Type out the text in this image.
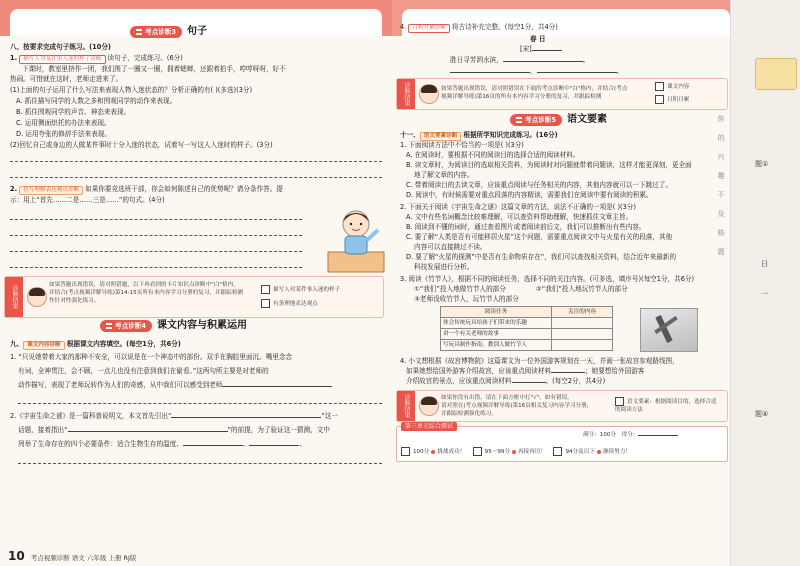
考点诊断3 句子
八、按要求完成句子练习。(10分)
1. 描写人对某件事入迷的样子诊断 读句子，完成练习。(6分)
下课时，教室里挤作一团，我们围了一圈又一圈，拥着蟋蟀，还跟着拍手，哼哼呀呀，好不
热闹。可惜就在这时，老师走进来了。
(1)上面的句子运用了什么写法来表现人物入迷状态的？分析正确的有( )(多选)(3分)
A. 抓住描写同学的人数之多和围观同学的动作来表现。
B. 抓住围观同学的声音、神态来表现。
C. 运用侧面烘托的办法来表现。
D. 运用夸张的修辞手法来表现。
(2)回忆自己或身边的人做某件事时十分入迷的状态，试着写一写这人入迷时的样子。(3分)
2. 仿写理解表达观点诊断 如果你要竞选班干部，你会如何陈述自己的优势呢？请分条作答。提
示：用上“首先……二是……三是……”的句式。(4分)
诊断结果	如果答题出现错误，请对照错题，以下再看到的卡片知识点诊断中"白"格内，
并结合(考点视频详解导练)第14-15页所有本内容学习分册的复习，并跟踪检测
作针对性强化练习。
描写人对某件事入迷的样子
有条理地表达观点
考点诊断4 课文内容与积累运用
九、 课文内容诊断 根据课文内容填空。(每空1分，共6分)
1. “只见她带着大家的那种不安全，可以说是在一个神态中的部份。双手在胸腔里面沉。嘴里念念
有词，全神贯注，会不顾，一点儿也没有注意到我们在偷看。”这两句所主要是对老师的
动作描写，表现了老师玩转作为人们的奇感，从中我们可以感受到老师
2.《宇宙生命之谜》是一篇科普说明文，本文首先引出“	”这一
话题，接着指出“	”的前提，为了验证这一猜测，文中
列举了生命存在的四个必要条件：适合生物生存的温度、	、	、
10 考点视频诊断 语文 六年级 上册 RJ版
4. 日积月累诊断 将古诗补充完整。(每空1分，共4分)
春 日
[宋]
胜日寻芳泗水滨，	。
，	。
诊断结果	如果答题出现错误，请对照错误在下面的考点诊断中"白"格内，并结合(考点
视频详解导练)第16页的所有本内容学习分册的复习，并跟踪检测
课文内容
日积月累
考点诊断5 语文要素
十一、 语文要素诊断 根据所学知识完成练习。(16分)
1. 下面阅读方法中不恰当的一项是( )(3分)
A. 在阅读时，要根据不同的阅读目的选择合适的阅读材料。
B. 读文章时，为阅读目的选取相关资料，为阅读时对问题就带着问题读，这样才能更深刻，更全面
地了解文章的内容。
C. 带着阅读目的去读文章，应该重点阅读与任务相关的内容，其他内容就可以一下跳过了。
D. 阅读中，有时候需要对重点段落的内容精读，需要我们在阅读中要有阅读的积累。
2. 下面关于阅读《宇宙生命之谜》这篇文章的方法，说法不正确的一项是( )(3分)
A. 文中有些名词概念比较难理解，可以查资料帮助理解，快速抓住文章主旨。
B. 阅读到不懂的词时，通过查看图片或者阅读前后文，我们可以推断出有些内容。
C. 要了解“人类是否有可能移居火星”这个问题，需要重点阅读文中与火星有关的段落，其他
内容可以直接跳过不读。
D. 要了解“火星的探测”中是否有生命物质存在”，我们可以查找相关资料，结合近年来最新的
科技发展进行分析。
3. 阅读《竹节人》，根据不同的阅读任务，选择不同的关注内容。(可多选，填序号)(每空1分，共6分)
①“我们”投入地做竹节人的部分	②“我们”投入地玩竹节人的部分
③老师没收竹节人，玩竹节人的部分
阅读任务	关注的内容
体会传统玩具给孩子们带来的乐趣	
讲一个有关老师的故事	
写玩具制作指南，教别人做竹节人	
4. 小文想根据《故宫博物院》这篇课文为一位外国游客规划在一天，并画一张故宫参观路线图，
如果她想给国外游客介绍故宫，应该重点阅读材料	；她要想给外国游客
介绍故宫的景点，应该重点阅读材料	。(每空2分，共4分)
诊断结果	如果你没有出错，请在下面方框中打"√"，如有错误，
请对照在(考点视频详解导练)第16页相关复习内容学习分册，
并跟踪检测强化练习。
语文要素：根据阅读目的，选择合适的阅读方法
第三单元综合测试
满分：100分　 得分：
100分 挑战成功！ 　	95～99分 再接再厉！ 　	94分及以下 继续努力！
你
的
兴
趣
不
及
格
题
题①
日
一
题④
